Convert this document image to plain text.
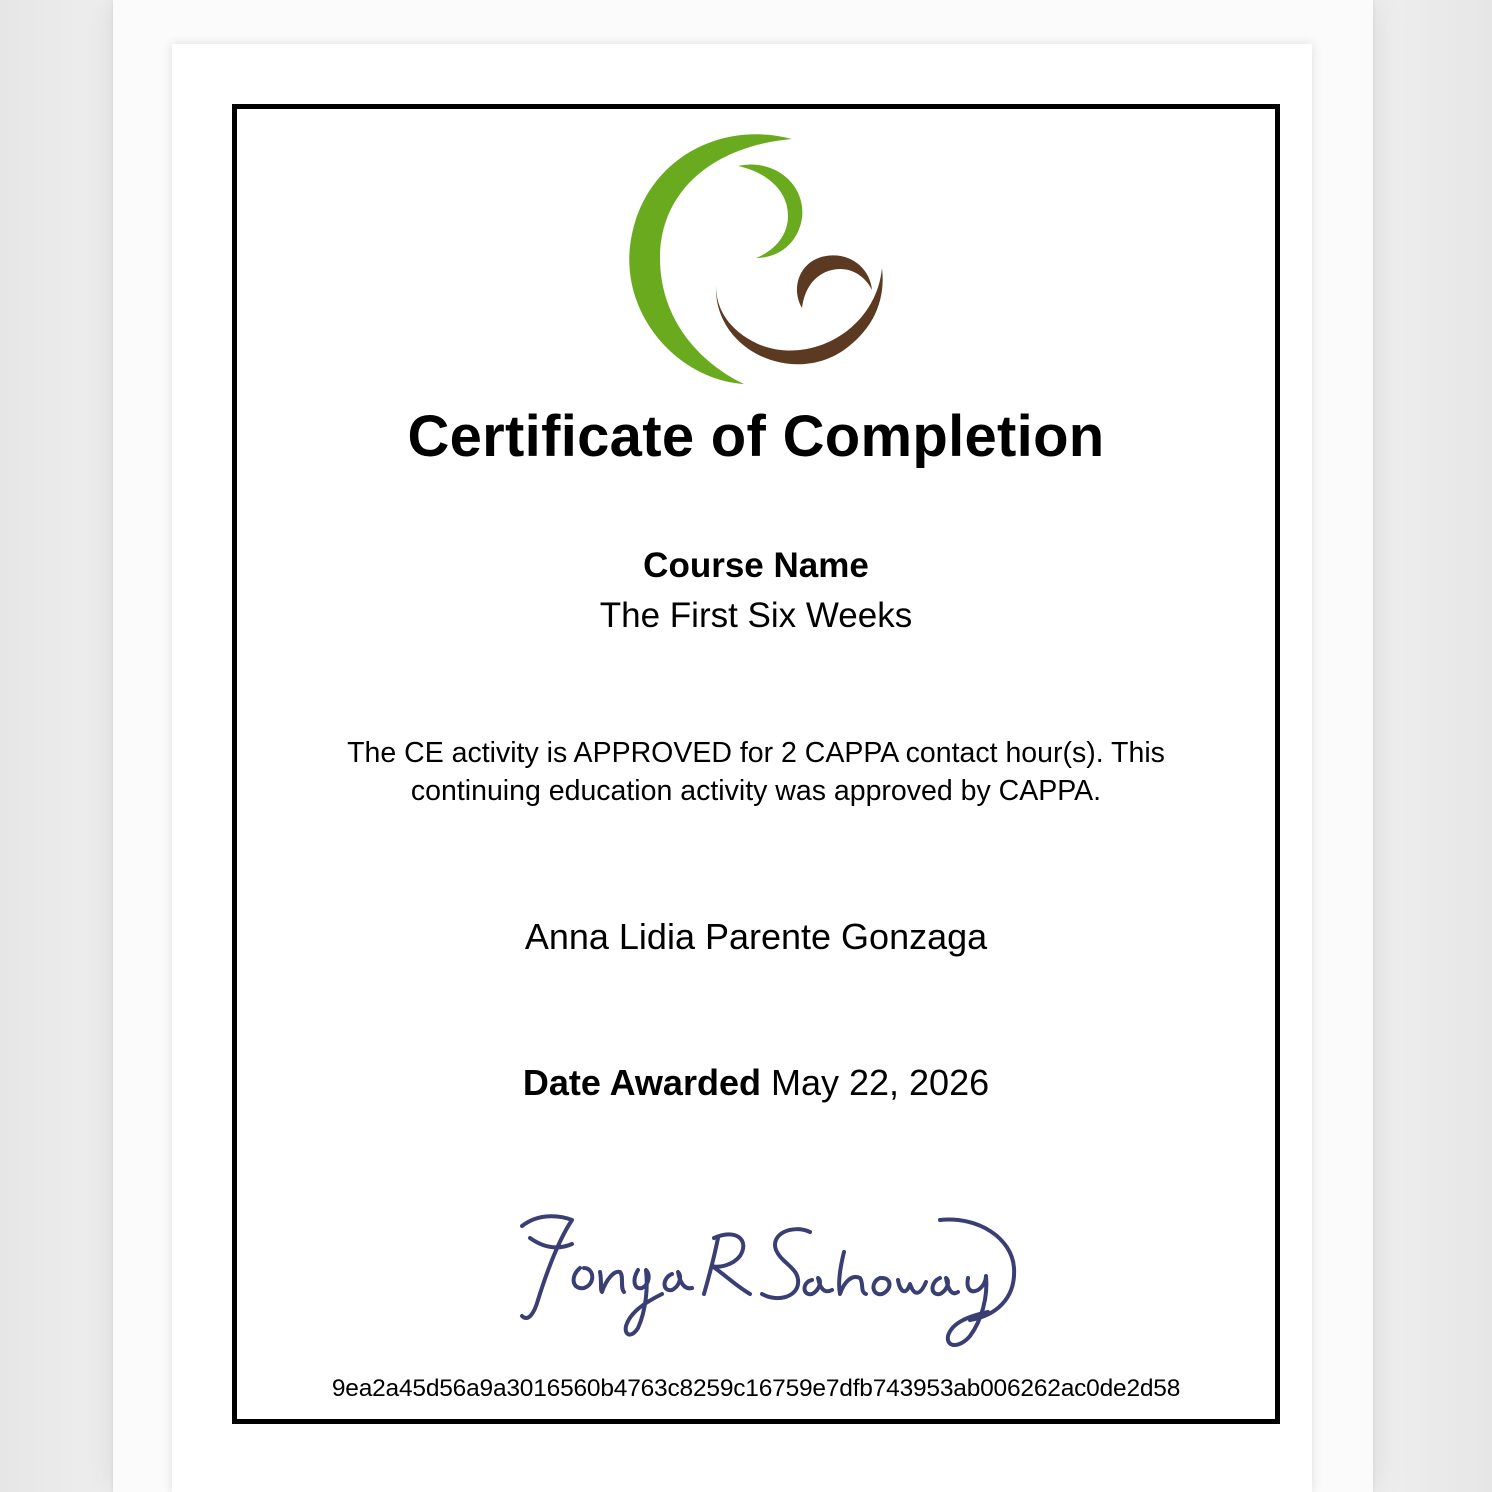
Certificate of Completion
Course Name
The First Six Weeks
The CE activity is APPROVED for 2 CAPPA contact hour(s). This
continuing education activity was approved by CAPPA.
Anna Lidia Parente Gonzaga
Date Awarded May 22, 2026
9ea2a45d56a9a3016560b4763c8259c16759e7dfb743953ab006262ac0de2d58
